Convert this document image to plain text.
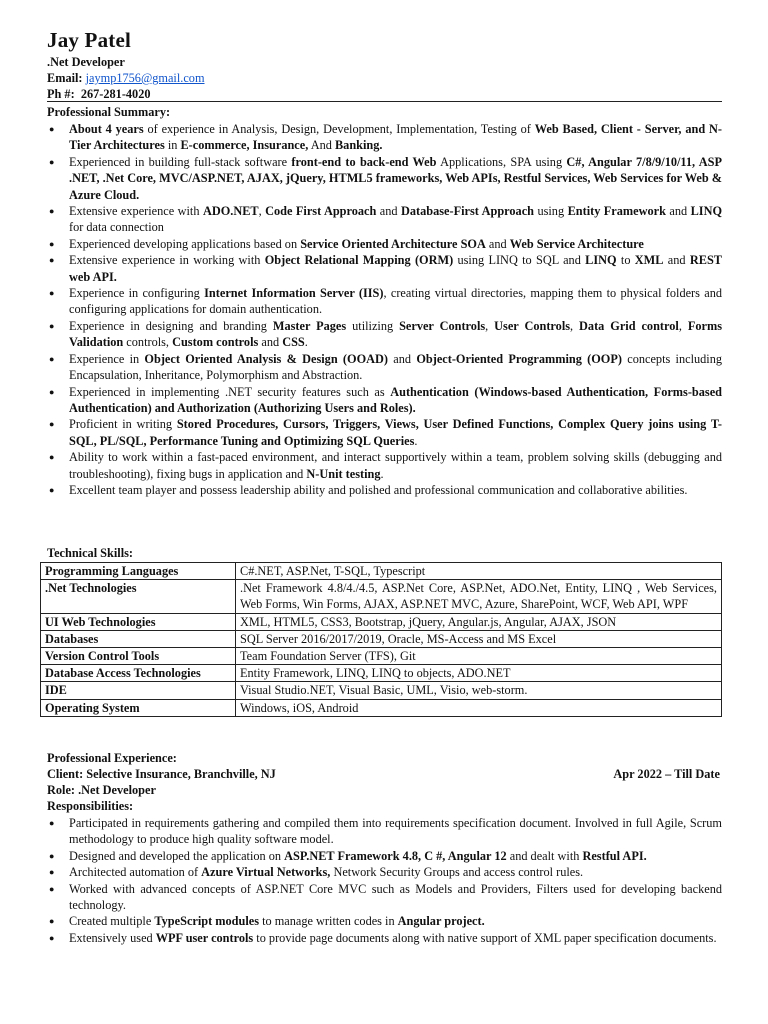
Jay Patel
.Net Developer
Email: jaymp1756@gmail.com
Ph #: 267-281-4020
Professional Summary:
● About 4 years of experience in Analysis, Design, Development, Implementation, Testing of Web Based, Client - Server, and N-Tier Architectures in E-commerce, Insurance, And Banking.
● Experienced in building full-stack software front-end to back-end Web Applications, SPA using C#, Angular 7/8/9/10/11, ASP .NET, .Net Core, MVC/ASP.NET, AJAX, jQuery, HTML5 frameworks, Web APIs, Restful Services, Web Services for Web & Azure Cloud.
● Extensive experience with ADO.NET, Code First Approach and Database-First Approach using Entity Framework and LINQ for data connection
● Experienced developing applications based on Service Oriented Architecture SOA and Web Service Architecture
● Extensive experience in working with Object Relational Mapping (ORM) using LINQ to SQL and LINQ to XML and REST web API.
● Experience in configuring Internet Information Server (IIS), creating virtual directories, mapping them to physical folders and configuring applications for domain authentication.
● Experience in designing and branding Master Pages utilizing Server Controls, User Controls, Data Grid control, Forms Validation controls, Custom controls and CSS.
● Experience in Object Oriented Analysis & Design (OOAD) and Object-Oriented Programming (OOP) concepts including Encapsulation, Inheritance, Polymorphism and Abstraction.
● Experienced in implementing .NET security features such as Authentication (Windows-based Authentication, Forms-based Authentication) and Authorization (Authorizing Users and Roles).
● Proficient in writing Stored Procedures, Cursors, Triggers, Views, User Defined Functions, Complex Query joins using T-SQL, PL/SQL, Performance Tuning and Optimizing SQL Queries.
● Ability to work within a fast-paced environment, and interact supportively within a team, problem solving skills (debugging and troubleshooting), fixing bugs in application and N-Unit testing.
● Excellent team player and possess leadership ability and polished and professional communication and collaborative abilities.
Technical Skills:
Programming Languages	C#.NET, ASP.Net, T-SQL, Typescript
.Net Technologies	.Net Framework 4.8/4./4.5, ASP.Net Core, ASP.Net, ADO.Net, Entity, LINQ , Web Services, Web Forms, Win Forms, AJAX, ASP.NET MVC, Azure, SharePoint, WCF, Web API, WPF
UI Web Technologies	XML, HTML5, CSS3, Bootstrap, jQuery, Angular.js, Angular, AJAX, JSON
Databases	SQL Server 2016/2017/2019, Oracle, MS-Access and MS Excel
Version Control Tools	Team Foundation Server (TFS), Git
Database Access Technologies	Entity Framework, LINQ, LINQ to objects, ADO.NET
IDE	Visual Studio.NET, Visual Basic, UML, Visio, web-storm.
Operating System	Windows, iOS, Android
Professional Experience:
Client: Selective Insurance, Branchville, NJ	Apr 2022 – Till Date
Role: .Net Developer
Responsibilities:
● Participated in requirements gathering and compiled them into requirements specification document. Involved in full Agile, Scrum methodology to produce high quality software model.
● Designed and developed the application on ASP.NET Framework 4.8, C #, Angular 12 and dealt with Restful API.
● Architected automation of Azure Virtual Networks, Network Security Groups and access control rules.
● Worked with advanced concepts of ASP.NET Core MVC such as Models and Providers, Filters used for developing backend technology.
● Created multiple TypeScript modules to manage written codes in Angular project.
● Extensively used WPF user controls to provide page documents along with native support of XML paper specification documents.
